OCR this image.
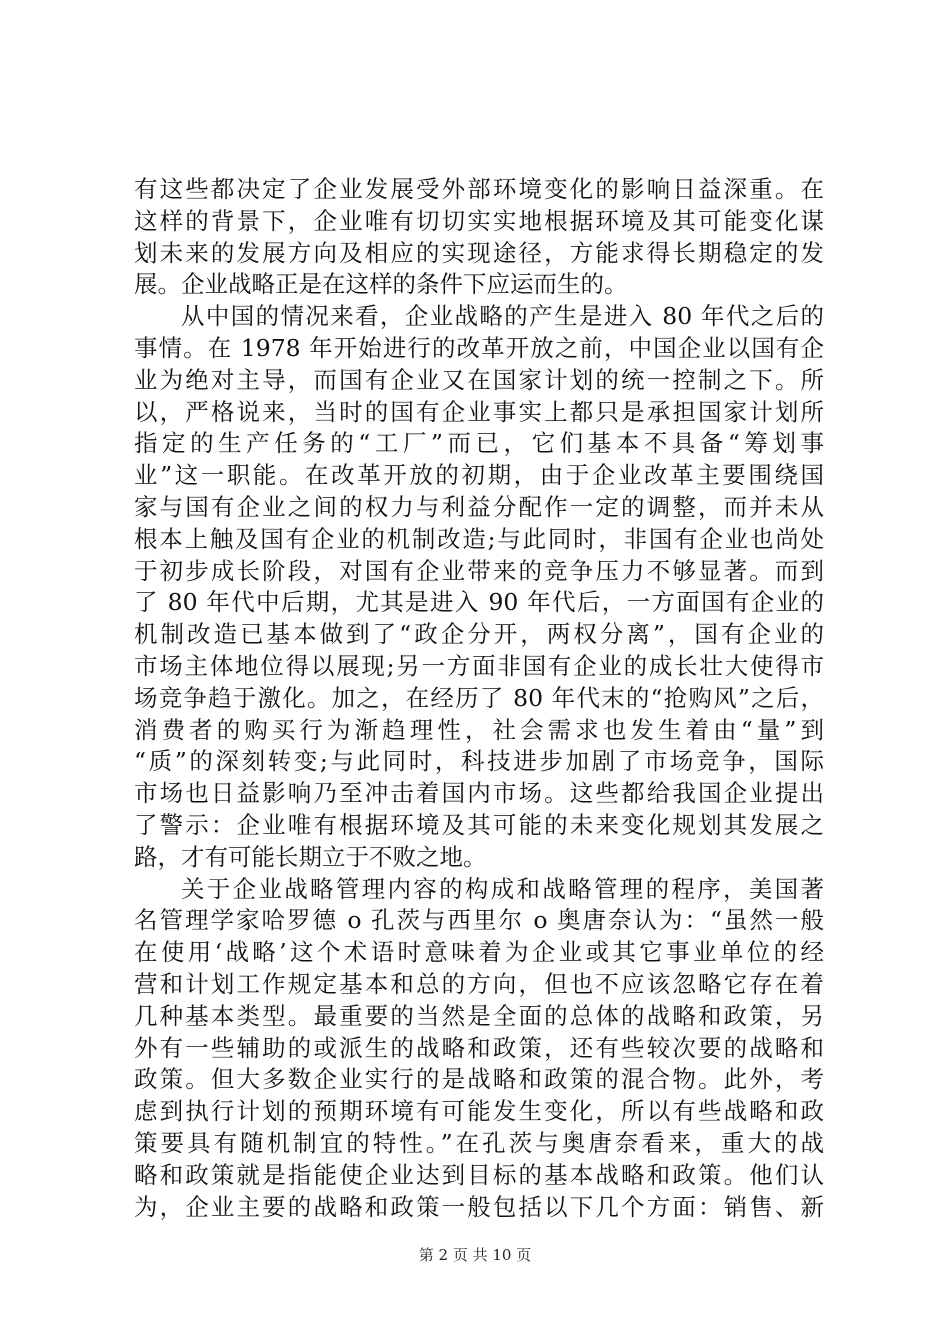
有这些都决定了企业发展受外部环境变化的影响日益深重。在
这样的背景下，企业唯有切切实实地根据环境及其可能变化谋
划未来的发展方向及相应的实现途径，方能求得长期稳定的发
展。企业战略正是在这样的条件下应运而生的。
从中国的情况来看，企业战略的产生是进入 80 年代之后的
事情。在 1978 年开始进行的改革开放之前，中国企业以国有企
业为绝对主导，而国有企业又在国家计划的统一控制之下。所
以，严格说来，当时的国有企业事实上都只是承担国家计划所
指定的生产任务的“工厂”而已，它们基本不具备“筹划事
业”这一职能。在改革开放的初期，由于企业改革主要围绕国
家与国有企业之间的权力与利益分配作一定的调整，而并未从
根本上触及国有企业的机制改造;与此同时，非国有企业也尚处
于初步成长阶段，对国有企业带来的竞争压力不够显著。而到
了 80 年代中后期，尤其是进入 90 年代后，一方面国有企业的
机制改造已基本做到了“政企分开，两权分离”，国有企业的
市场主体地位得以展现;另一方面非国有企业的成长壮大使得市
场竞争趋于激化。加之，在经历了 80 年代末的“抢购风”之后，
消费者的购买行为渐趋理性，社会需求也发生着由“量”到
“质”的深刻转变;与此同时，科技进步加剧了市场竞争，国际
市场也日益影响乃至冲击着国内市场。这些都给我国企业提出
了警示：企业唯有根据环境及其可能的未来变化规划其发展之
路，才有可能长期立于不败之地。
关于企业战略管理内容的构成和战略管理的程序，美国著
名管理学家哈罗德 o 孔茨与西里尔 o 奥唐奈认为：“虽然一般
在使用‘战略’这个术语时意味着为企业或其它事业单位的经
营和计划工作规定基本和总的方向，但也不应该忽略它存在着
几种基本类型。最重要的当然是全面的总体的战略和政策，另
外有一些辅助的或派生的战略和政策，还有些较次要的战略和
政策。但大多数企业实行的是战略和政策的混合物。此外，考
虑到执行计划的预期环境有可能发生变化，所以有些战略和政
策要具有随机制宜的特性。”在孔茨与奥唐奈看来，重大的战
略和政策就是指能使企业达到目标的基本战略和政策。他们认
为，企业主要的战略和政策一般包括以下几个方面：销售、新
第 2 页 共 10 页
